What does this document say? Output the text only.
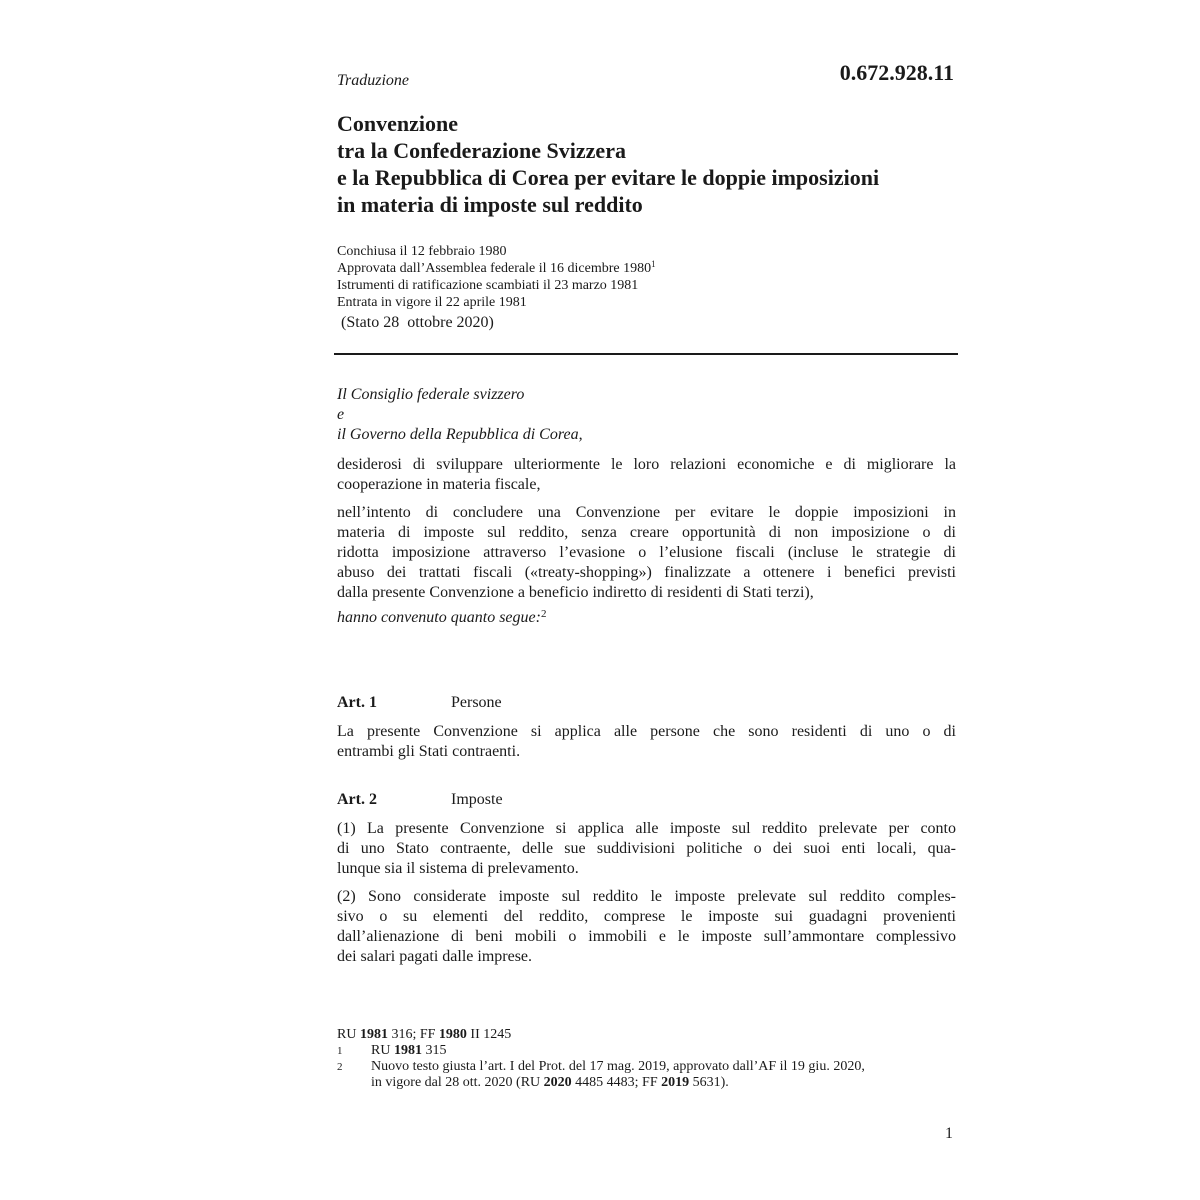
Traduzione	0.672.928.11
Convenzione
tra la Confederazione Svizzera
e la Repubblica di Corea per evitare le doppie imposizioni
in materia di imposte sul reddito
Conchiusa il 12 febbraio 1980
Approvata dall’Assemblea federale il 16 dicembre 1980$^1$
Istrumenti di ratificazione scambiati il 23 marzo 1981
Entrata in vigore il 22 aprile 1981
(Stato 28  ottobre 2020)
Il Consiglio federale svizzero
e
il Governo della Repubblica di Corea,
desiderosi di sviluppare ulteriormente le loro relazioni economiche e di migliorare la
cooperazione in materia fiscale,
nell’intento di concludere una Convenzione per evitare le doppie imposizioni in
materia di imposte sul reddito, senza creare opportunità di non imposizione o di
ridotta imposizione attraverso l’evasione o l’elusione fiscali (incluse le strategie di
abuso dei trattati fiscali («treaty-shopping») finalizzate a ottenere i benefici previsti
dalla presente Convenzione a beneficio indiretto di residenti di Stati terzi),
hanno convenuto quanto segue:$^2$
Art. 1	Persone
La presente Convenzione si applica alle persone che sono residenti di uno o di
entrambi gli Stati contraenti.
Art. 2	Imposte
(1) La presente Convenzione si applica alle imposte sul reddito prelevate per conto
di uno Stato contraente, delle sue suddivisioni politiche o dei suoi enti locali, qua-
lunque sia il sistema di prelevamento.
(2) Sono considerate imposte sul reddito le imposte prelevate sul reddito comples-
sivo o su elementi del reddito, comprese le imposte sui guadagni provenienti
dall’alienazione di beni mobili o immobili e le imposte sull’ammontare complessivo
dei salari pagati dalle imprese.
RU 1981 316; FF 1980 II 1245
1	RU 1981 315
2	Nuovo testo giusta l’art. I del Prot. del 17 mag. 2019, approvato dall’AF il 19 giu. 2020,
in vigore dal 28 ott. 2020 (RU 2020 4485 4483; FF 2019 5631).
1
